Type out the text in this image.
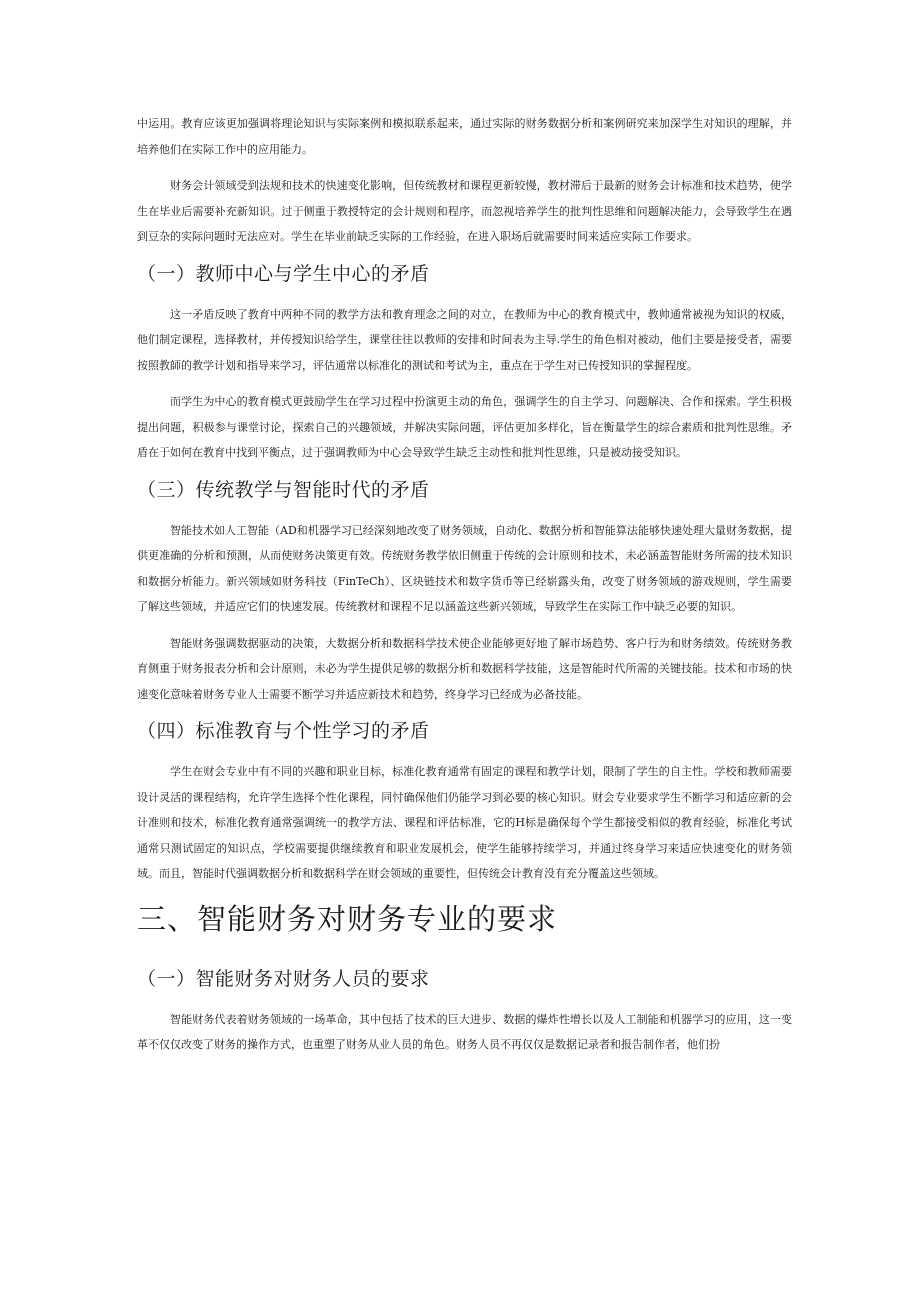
中运用。教育应该更加强调将理论知识与实际案例和模拟联系起来，通过实际的财务数据分析和案例研究来加深学生对知识的理解，并培养他们在实际工作中的应用能力。

财务会计领域受到法规和技术的快速变化影响，但传统教材和课程更新较慢，教材滞后于最新的财务会计标准和技术趋势，使学生在毕业后需要补充新知识。过于侧重于教授特定的会计规则和程序，而忽视培养学生的批判性思维和问题解决能力，会导致学生在遇到豆杂的实际问题时无法应对。学生在毕业前缺乏实际的工作经验，在进入职场后就需要时间来适应实际工作要求。

（一）教师中心与学生中心的矛盾

这一矛盾反映了教育中两种不同的教学方法和教育理念之间的对立，在教师为中心的教育模式中，教帅通常被视为知识的权威，他们制定课程，选择教材，并传授知识给学生，课堂往往以教师的安排和时间表为主导.学生的角色相对被动，他们主要是接受者，需要按照教師的教学计划和指导来学习，评估通常以标准化的测试和考试为主，重点在于学生对已传授知识的掌握程度。

而学生为中心的教育模式更鼓励学生在学习过程中扮演更主动的角色，强调学生的自主学习、问题解决、合作和探索。学生积极提出问题，积极参与课堂讨论，探索自己的兴趣领域，并解决实际问题，评估更加多样化，旨在衡量学生的综合素质和批判性思维。矛盾在于如何在教育中找到平衡点，过于强调教师为中心会导致学生缺乏主动性和批判性思维，只是被动接受知识。

（三）传统教学与智能时代的矛盾

智能技术如人工智能（AD和机器学习已经深刻地改变了财务领域，自动化、数据分析和智能算法能够快速处理大量财务数据，提供更准确的分析和预测，从而使财务决策更有效。传统财务教学依旧侧重于传统的会计原则和技术，未必涵盖智能财务所需的技术知识和数据分析能力。新兴领域如财务科技（FinTeCh）、区块链技术和数字货币等已经崭露头角，改变了财务领域的游戏规则，学生需要了解这些领域，并适应它们的快速发展。传统教材和课程不足以涵盖这些新兴领域，导致学生在实际工作中缺乏必要的知识。

智能财务强调数据驱动的决策，大数据分析和数据科学技术使企业能够更好地了解市场趋势、客户行为和财务绩效。传统财务教育侧重于财务报表分析和会计原则，未必为学生提供足够的数据分析和数据科学技能，这是智能时代所需的关键技能。技术和市场的快速变化意味着财务专业人士需要不断学习并适应新技术和趋势，终身学习已经成为必备技能。

（四）标准教育与个性学习的矛盾

学生在财会专业中有不同的兴趣和职业目标，标准化教育通常有固定的课程和教学计划，限制了学生的自主性。学校和教师需要设计灵活的课程结构，允许学生选择个性化课程，同忖确保他们仍能学习到必要的核心知识。财会专业要求学生不断学习和适应新的会计准则和技术，标准化教育通常强调统一的教学方法、课程和评估标准，它的H标是确保每个学生都接受相似的教育经验，标准化考试通常只测试固定的知识点，学校需要提供继续教育和职业发展机会，使学生能够持续学习，并通过终身学习来适应快速变化的财务领域。而且，智能时代强调数据分析和数据科学在财会领域的重要性，但传统会计教育没有充分覆盖这些领域。

三、智能财务对财务专业的要求
（一）智能财务对财务人员的要求

智能财务代表着财务领域的一场革命，其中包括了技术的巨大进步、数据的爆炸性增长以及人工制能和机器学习的应用，这一变革不仅仅改变了财务的操作方式，也重塑了财务从业人员的角色。财务人员不再仅仅是数据记录者和报告制作者，他们扮
